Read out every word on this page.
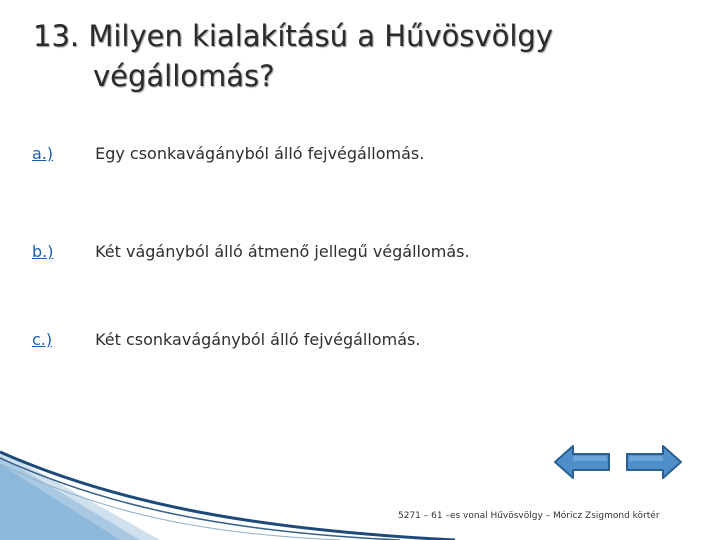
13. Milyen kialakítású a Hűvösvölgy
végállomás?
a.)	Egy csonkavágányból álló fejvégállomás.
b.)	Két vágányból álló átmenő jellegű végállomás.
c.)	Két csonkavágányból álló fejvégállomás.
5271 – 61 –es vonal Hűvösvölgy – Móricz Zsigmond körtér
